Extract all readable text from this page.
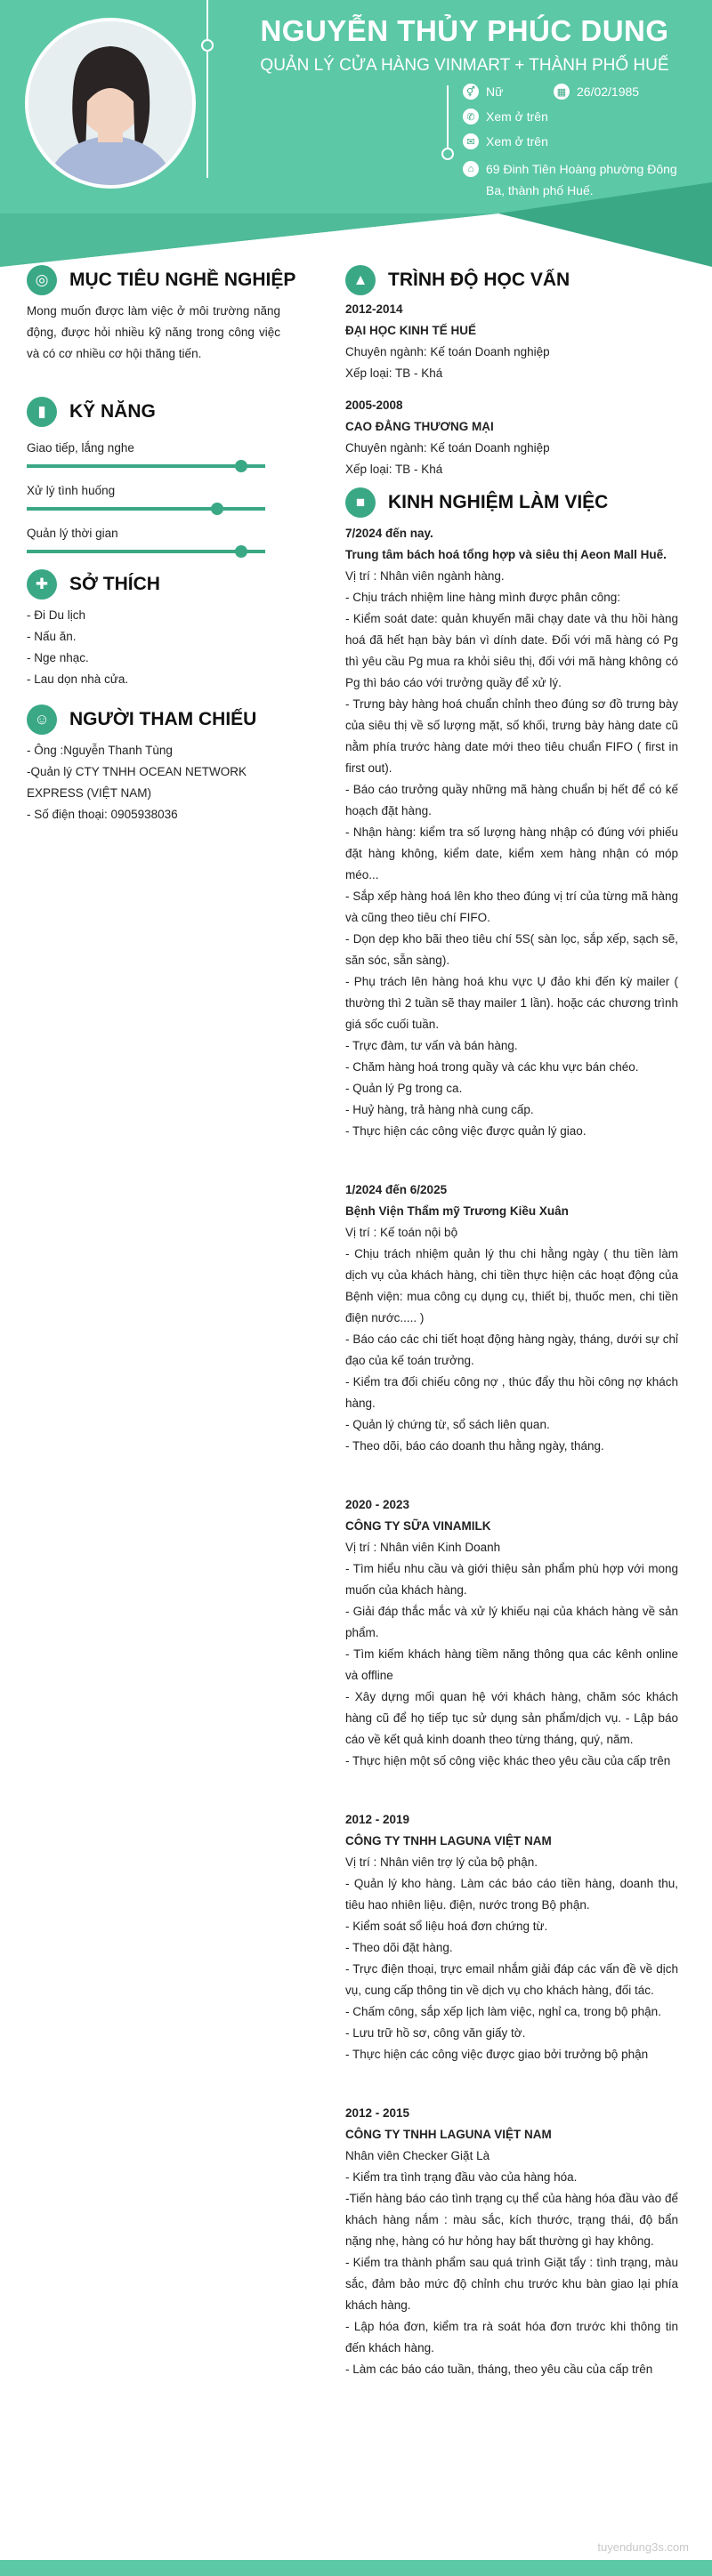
NGUYỄN THỦY PHÚC DUNG
QUẢN LÝ CỬA HÀNG VINMART + THÀNH PHỐ HUẾ
⚥ Nữ	▦ 26/02/1985
✆ Xem ở trên
✉ Xem ở trên
⌂ 69 Đinh Tiên Hoàng phường Đông Ba, thành phố Huế.
◎	MỤC TIÊU NGHỀ NGHIỆP
Mong muốn được làm việc ở môi trường năng động, được hỏi nhiều kỹ năng trong công việc và có cơ nhiều cơ hội thăng tiến.
▮	KỸ NĂNG
Giao tiếp, lắng nghe
Xử lý tình huống
Quản lý thời gian
✚	SỞ THÍCH
- Đi Du lịch
- Nấu ăn.
- Nge nhạc.
- Lau dọn nhà cửa.
☺	NGƯỜI THAM CHIẾU
- Ông :Nguyễn Thanh Tùng
-Quản lý CTY TNHH OCEAN NETWORK EXPRESS (VIỆT NAM)
- Số điện thoại: 0905938036
▲	TRÌNH ĐỘ HỌC VẤN
2012-2014
ĐẠI HỌC KINH TẾ HUẾ
Chuyên ngành: Kế toán Doanh nghiệp
Xếp loại: TB - Khá
2005-2008
CAO ĐẲNG THƯƠNG MẠI
Chuyên ngành: Kế toán Doanh nghiệp
Xếp loại: TB - Khá
■	KINH NGHIỆM LÀM VIỆC
7/2024 đến nay.
Trung tâm bách hoá tổng hợp và siêu thị Aeon Mall Huế.

Vị trí : Nhân viên ngành hàng.

- Chịu trách nhiệm line hàng mình được phân công:

- Kiểm soát date: quản khuyến mãi chạy date và thu hồi hàng hoá đã hết hạn bày bán vì dính date. Đối với mã hàng có Pg thì yêu cầu Pg mua ra khỏi siêu thị, đối với mã hàng không có Pg thì báo cáo với trưởng quầy để xử lý.

- Trưng bày hàng hoá chuẩn chỉnh theo đúng sơ đồ trưng bày của siêu thị về số lượng mặt, số khối, trưng bày hàng date cũ nằm phía trước hàng date mới theo tiêu chuẩn FIFO ( first in first out).

- Báo cáo trưởng quầy những mã hàng chuẩn bị hết để có kế hoạch đặt hàng.

- Nhận hàng: kiểm tra số lượng hàng nhập có đúng với phiếu đặt hàng không, kiểm date, kiểm xem hàng nhận có móp méo...

- Sắp xếp hàng hoá lên kho theo đúng vị trí của từng mã hàng và cũng theo tiêu chí FIFO.

- Dọn dẹp kho bãi theo tiêu chí 5S( sàn lọc, sắp xếp, sạch sẽ, săn sóc, sẵn sàng).

- Phụ trách lên hàng hoá khu vực Ụ đảo khi đến kỳ mailer ( thường thì 2 tuần sẽ thay mailer 1 lần). hoặc các chương trình giá sốc cuối tuần.

- Trực đàm, tư vấn và bán hàng.

- Chăm hàng hoá trong quầy và các khu vực bán chéo.

- Quản lý Pg trong ca.

- Huỷ hàng, trả hàng nhà cung cấp.

- Thực hiện các công việc được quản lý giao.

1/2024 đến 6/2025
Bệnh Viện Thẩm mỹ Trương Kiều Xuân

Vị trí : Kế toán nội bộ

- Chịu trách nhiệm quản lý thu chi hằng ngày ( thu tiền làm dịch vụ của khách hàng, chi tiền thực hiện các hoạt động của Bệnh viện: mua công cụ dụng cụ, thiết bị, thuốc men, chi tiền điện nước..... )

- Báo cáo các chi tiết hoạt động hàng ngày, tháng, dưới sự chỉ đạo của kế toán trưởng.

- Kiểm tra đối chiếu công nợ , thúc đẩy thu hồi công nợ khách hàng.

- Quản lý chứng từ, sổ sách liên quan.

- Theo dõi, báo cáo doanh thu hằng ngày, tháng.

2020 - 2023
CÔNG TY SỮA VINAMILK

Vị trí : Nhân viên Kinh Doanh

- Tìm hiểu nhu cầu và giới thiệu sản phẩm phù hợp với mong muốn của khách hàng.

- Giải đáp thắc mắc và xử lý khiếu nại của khách hàng về sản phẩm.

- Tìm kiếm khách hàng tiềm năng thông qua các kênh online và offline

- Xây dựng mối quan hệ với khách hàng, chăm sóc khách hàng cũ để họ tiếp tục sử dụng sản phẩm/dịch vụ. - Lập báo cáo về kết quả kinh doanh theo từng tháng, quý, năm.

- Thực hiện một số công việc khác theo yêu cầu của cấp trên

2012 - 2019
CÔNG TY TNHH LAGUNA VIỆT NAM

Vị trí : Nhân viên trợ lý của bộ phận.

- Quản lý kho hàng. Làm các báo cáo tiền hàng, doanh thu, tiêu hao nhiên liệu. điện, nước trong Bộ phận.

- Kiểm soát sổ liệu hoá đơn chứng từ.

- Theo dõi đặt hàng.

- Trực điện thoại, trực email nhắm giải đáp các vấn đề về dịch vụ, cung cấp thông tin về dịch vụ cho khách hàng, đối tác.

- Chấm công, sắp xếp lịch làm việc, nghỉ ca, trong bộ phận.

- Lưu trữ hồ sơ, công văn giấy tờ.

- Thực hiện các công việc được giao bởi trưởng bộ phận

2012 - 2015
CÔNG TY TNHH LAGUNA VIỆT NAM

Nhân viên Checker Giặt Là

- Kiểm tra tình trạng đầu vào của hàng hóa.

-Tiến hàng báo cáo tình trạng cụ thể của hàng hóa đầu vào để khách hàng nắm : màu sắc, kích thước, trạng thái, độ bẩn nặng nhẹ, hàng có hư hỏng hay bất thường gì hay không.

- Kiểm tra thành phẩm sau quá trình Giặt tẩy : tình trạng, màu sắc, đảm bảo mức độ chỉnh chu trước khu bàn giao lại phía khách hàng.

- Lập hóa đơn, kiểm tra rà soát hóa đơn trước khi thông tin đến khách hàng.

- Làm các báo cáo tuần, tháng, theo yêu cầu của cấp trên

tuyendung3s.com
